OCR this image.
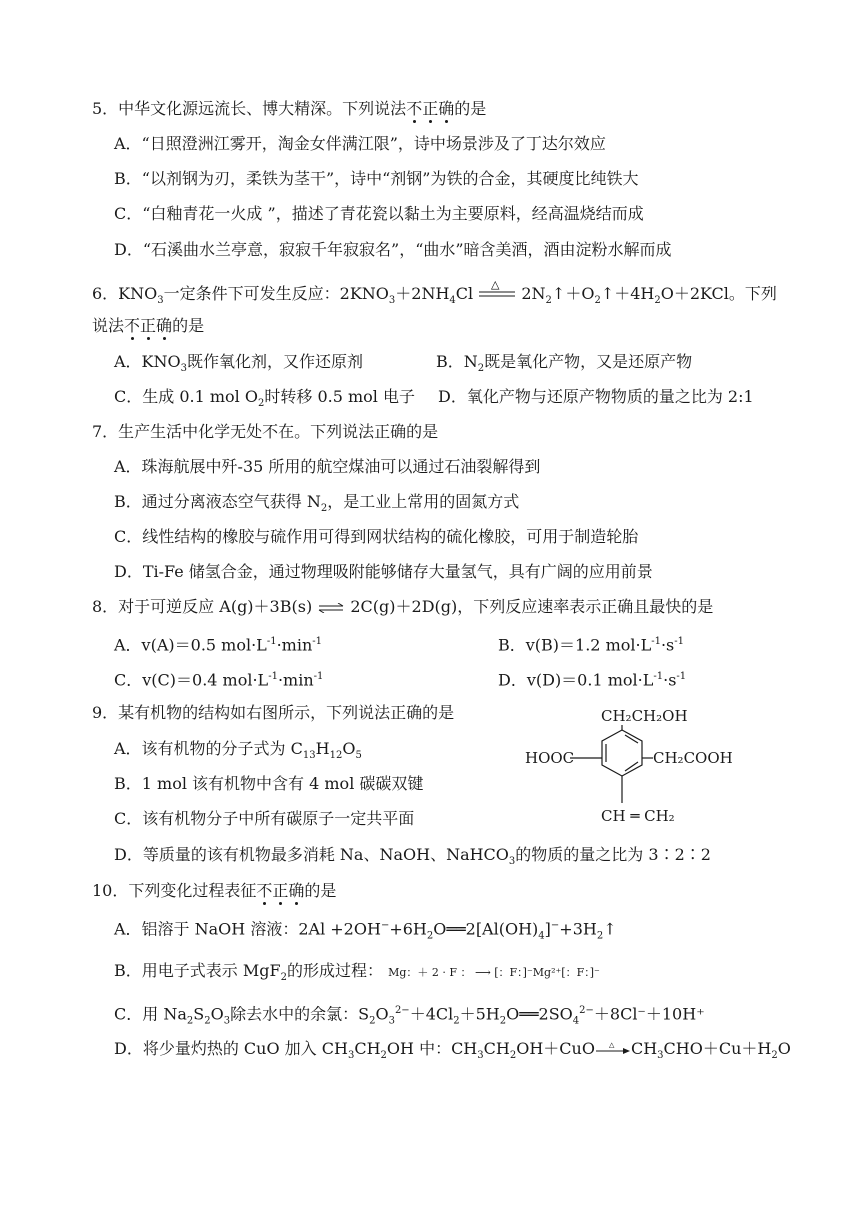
5．中华文化源远流长、博大精深。下列说法不正确的是
A．“日照澄洲江雾开，淘金女伴满江限”，诗中场景涉及了丁达尔效应
B．“以剂钢为刃，柔铁为茎干”，诗中“剂钢”为铁的合金，其硬度比纯铁大
C．“白釉青花一火成 ”，描述了青花瓷以黏土为主要原料，经高温烧结而成
D．“石溪曲水兰亭意，寂寂千年寂寂名”，“曲水”暗含美酒，酒由淀粉水解而成
6．$KNO_3$一定条件下可发生反应：$2KNO_3+2NH_4Cl$ △ $2N_2↑+O_2↑+4H_2O+2KCl$。下列
说法不正确的是
A．$KNO_3$既作氧化剂，又作还原剂	B．$N_2$既是氧化产物，又是还原产物
C．生成 0.1 mol $O_2$时转移 0.5 mol 电子 D．氧化产物与还原产物物质的量之比为 2:1
7．生产生活中化学无处不在。下列说法正确的是
A．珠海航展中歼-35 所用的航空煤油可以通过石油裂解得到
B．通过分离液态空气获得 $N_2$，是工业上常用的固氮方式
C．线性结构的橡胶与硫作用可得到网状结构的硫化橡胶，可用于制造轮胎
D．Ti-Fe 储氢合金，通过物理吸附能够储存大量氢气，具有广阔的应用前景
8．对于可逆反应 A(g)＋3B(s) ⇌ 2C(g)＋2D(g)，下列反应速率表示正确且最快的是
A．v(A)＝0.5 $mol\cdot L^{-1}\cdot\min^{-1}$	B．v(B)＝1.2 $mol\cdot L^{-1}\cdot s^{-1}$
C．v(C)＝0.4 $mol\cdot L^{-1}\cdot\min^{-1}$	D．v(D)＝0.1 $mol\cdot L^{-1}\cdot s^{-1}$
9．某有机物的结构如右图所示，下列说法正确的是
A．该有机物的分子式为 $C_{13}H_{12}O_5$
B．1 mol 该有机物中含有 4 mol 碳碳双键
C．该有机物分子中所有碳原子一定共平面
D．等质量的该有机物最多消耗 Na、NaOH、NaHCO$_3$的物质的量之比为 3∶2∶2
CH₂CH₂OH
HOOC	CH₂COOH
CH ═ CH₂
10．下列变化过程表征不正确的是
A．铝溶于 NaOH 溶液：$2Al +2OH^-+6H_2O══2[Al(OH)_4]^-+3H_2↑$
B．用电子式表示 MgF$_2$的形成过程： Mg：＋ 2 · F ： ⟶ [：F：]⁻Mg²⁺[：F：]⁻
C．用 $Na_2S_2O_3$除去水中的余氯：$S_2O_3^{2-}+4Cl_2+5H_2O══2SO_4^{2-}+8Cl^-+10H^+$
D．将少量灼热的 CuO 加入 $CH_3CH_2OH$ 中：$CH_3CH_2OH+CuO$ △ $CH_3CHO+Cu+H_2O$
